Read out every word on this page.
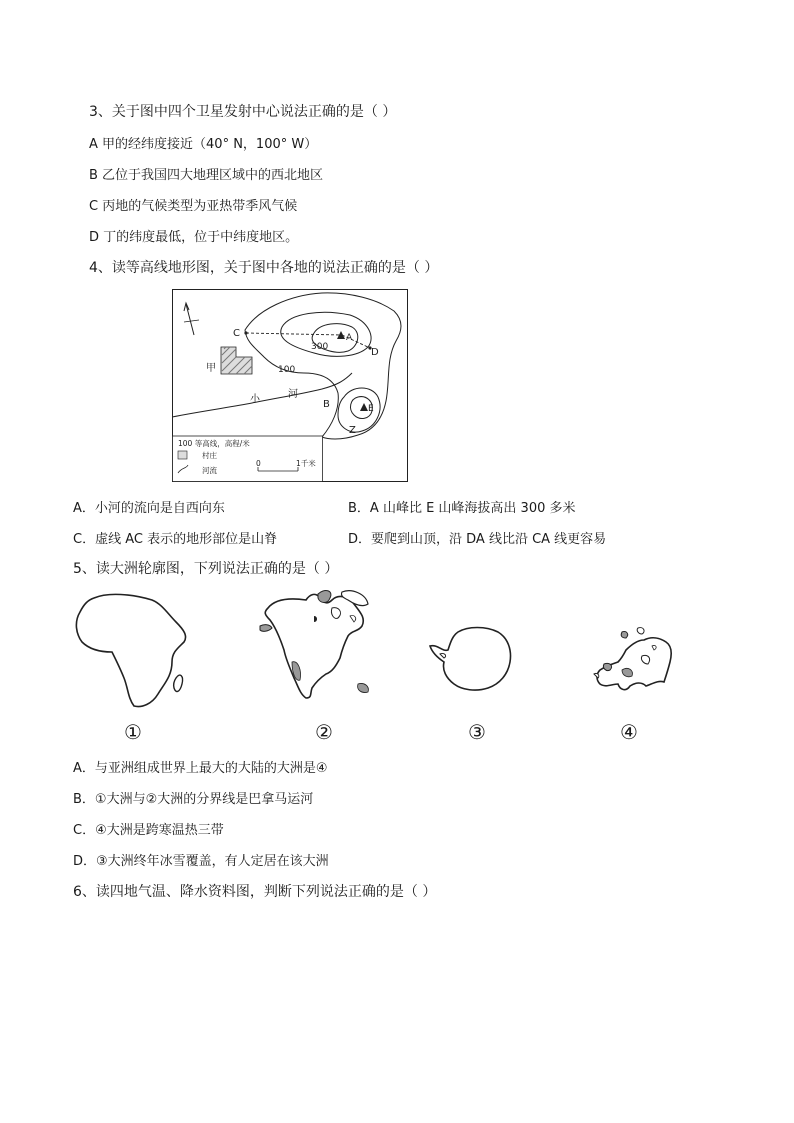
3、关于图中四个卫星发射中心说法正确的是（ ）
A 甲的经纬度接近（40° N，100° W）
B 乙位于我国四大地理区域中的西北地区
C 丙地的气候类型为亚热带季风气候
D 丁的纬度最低，位于中纬度地区。
4、读等高线地形图，关于图中各地的说法正确的是（ ）
C
D
A
E
B
Z
甲	100
300
小	河
100 等高线，高程/米
村庄
河流
0	1千米
A．小河的流向是自西向东	B．A 山峰比 E 山峰海拔高出 300 多米
C．虚线 AC 表示的地形部位是山脊	D．要爬到山顶，沿 DA 线比沿 CA 线更容易
5、读大洲轮廓图，下列说法正确的是（ ）
①	②	③	④
A．与亚洲组成世界上最大的大陆的大洲是④
B．①大洲与②大洲的分界线是巴拿马运河
C．④大洲是跨寒温热三带
D．③大洲终年冰雪覆盖，有人定居在该大洲
6、读四地气温、降水资料图，判断下列说法正确的是（ ）
